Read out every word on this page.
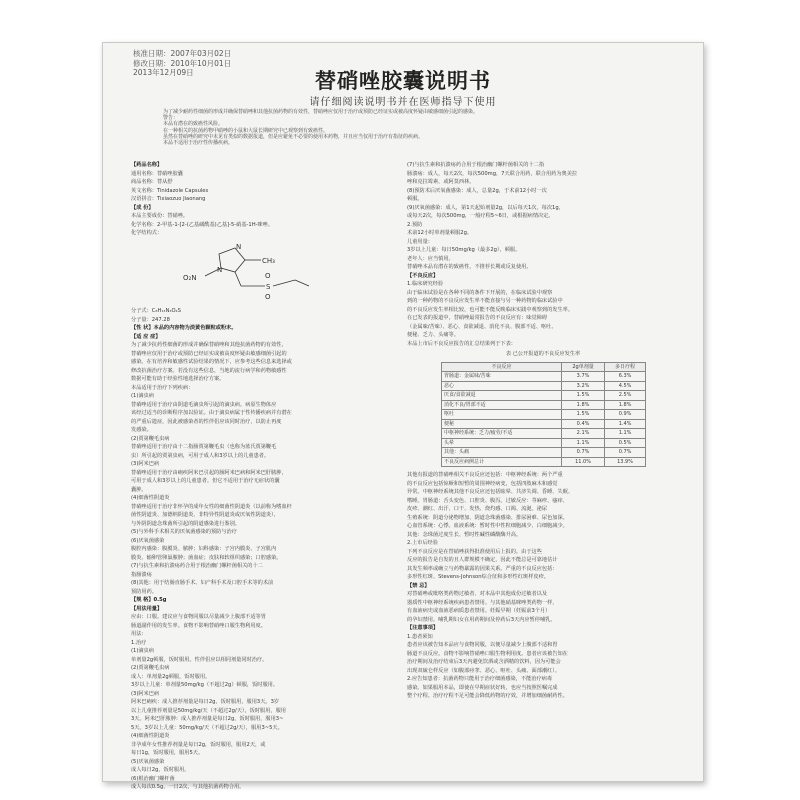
核准日期：2007年03月02日
修改日期：2010年10月01日
2013年12月09日	替硝唑胶囊说明书
请仔细阅读说明书并在医师指导下使用
为了减少耐药性细菌的形成并确保替硝唑和其他抗菌药物的有效性，替硝唑应仅用于治疗或预防已经证实或被高度怀疑由敏感细菌引起的感染。
警告：
本品有潜在的致癌性风险。
在一种相关的抗菌药物甲硝唑的小鼠和大鼠长期研究中已观察到有致癌性。
虽然在替硝唑的研究中未见有类似的数据报道，但是应避免不必要的使用本药物，并且应当仅用于治疗有指征的疾病。
本品不适用于治疗性传播疾病。

【药品名称】

通用名称：替硝唑胶囊

商品名称：替从舒

英文名称：Tinidazole Capsules

汉语拼音：Tixiaozuo Jiaonang

【成 份】

本品主要成份：替硝唑。

化学名称：2-甲基-1-[2-(乙基磺酰基)乙基]-5-硝基-1H-咪唑。

化学结构式：

N
N
CH₃
O₂N
S
O
O

分子式：C₈H₁₃N₃O₄S

分子量：247.28

【性 状】本品的内容物为淡黄色颗粒或粉末。

【适 应 症】

为了减少抗药性细菌的形成并确保替硝唑和其他抗菌药物的有效性，

替硝唑应仅用于治疗或预防已经证实或被高度怀疑由敏感细菌引起的

感染。在有培养和敏感性试验结果的情况下，应参考这些信息来选择或

修改抗菌治疗方案。若没有这些信息，当地的流行病学和药物敏感性

数据可能有助于经验性地选择治疗方案。

本品适用于治疗下列疾病：

(1)滴虫病

替硝唑适用于治疗由阴道毛滴虫所引起的滴虫病。病原生物体应

该经过适当的诊断程序加以验证。由于滴虫病属于性传播疾病并有潜在

的严重后遗症，因此被感染者的性伴侣应该同时治疗，以防止再度

发感染。

(2)贾第鞭毛虫病

替硝唑适用于治疗由十二指肠贾第鞭毛虫（也称为蓝氏贾第鞭毛

虫）所引起的贾第虫病，可用于成人和3岁以上的儿童患者。

(3)阿米巴病

替硝唑适用于治疗由痢疾阿米巴引起的肠阿米巴病和阿米巴肝脓肿，

可用于成人和3岁以上的儿童患者。但它不适用于治疗无症状的囊

囊肿。

(4)细菌性阴道炎

替硝唑适用于治疗非怀孕的成年女性的细菌性阴道炎（以前称为嗜血杆

菌性阴道炎、加德纳阴道炎、非特异性阴道炎或厌氧性阴道炎），

与外阴阴道念珠菌所引起的阴道感染进行鉴别。

(5)与外科手术相关的厌氧菌感染的预防与治疗

(6)厌氧菌感染

腹腔内感染：腹膜炎、脓肿；妇科感染：子宫内膜炎、子宫肌内

膜炎、输卵管卵巢脓肿；菌血症；皮肤和软组织感染；口腔感染。

(7)与抗生素和抗溃疡药合用于根治幽门螺杆菌相关的十二

指肠溃疡

(8)其他：用于结肠直肠手术、妇产科手术及口腔手术等的术前

预防用药。

【规 格】0.5g

【用法用量】

应由：口服。建议应与食物同服以尽量减少上腹部不适等胃

肠道副作用的发生率。食物不影响替硝唑口服生物利用度。

用法：

1.治疗

(1)滴虫病

单剂量2g顿服，饭时服用。性伴侣应以相同剂量同时治疗。

(2)贾第鞭毛虫病

成人：单剂量2g顿服，饭时服用。

3岁以上儿童：单剂量50mg/kg（不超过2g）顿服，饭时服用。

(3)阿米巴病

阿米巴痢疾：成人推荐剂量是每日2g，饭时服用，服用3天。3岁

以上儿童推荐剂量是50mg/kg/天（不超过2g/天），饭时服用，服用

3天。阿米巴肝脓肿：成人推荐剂量是每日2g，饭时服用，服用3~

5天。3岁以上儿童：50mg/kg/天（不超过2g/天），服用3~5天。

(4)细菌性阴道炎

非孕成年女性推荐剂量是每日2g，饭时服用，服用2天，或

每日1g，饭时服用，服用5天。

(5)厌氧菌感染

成人每日2g，饭时服用。

(6)根治幽门螺杆菌

成人每次0.5g，一日2次，与其他抗菌药物合用。

(7)与抗生素和抗溃疡药合用于根治幽门螺杆菌相关的十二指

肠溃疡：成人，每天2次，每次500mg，7天联合用药，联合用药为奥美拉

唑和克拉霉素，或阿莫西林。

(8)预防术后厌氧菌感染：成人，总量2g，于术前12小时一次

顿服。

(9)厌氧菌感染：成人，第1天起始剂量2g，以后每天1次，每次1g，

或每天2次，每次500mg，一般疗程5~6日，或根据病情决定。

2.预防

术前12小时单剂量顿服2g。

儿童用量：

3岁以上儿童：每日50mg/kg（最多2g），顿服。

老年人：应当慎用。

替硝唑本品有潜在的致癌性，不推荐长期或反复使用。

【不良反应】

1.临床研究经验

由于临床试验是在各种不同的条件下开展的，在临床试验中观察

到的一种药物的不良反应发生率不能直接与另一种药物的临床试验中

的不良反应发生率相比较，也可能不能反映临床实践中观察到的发生率。

在已发表的报道中，替硝唑最常报告的不良反应有：味觉障碍

（金属味/苦味）、恶心、食欲减退、消化不良、腹部不适、呕吐、

便秘、乏力、头痛等。

本品上市后不良反应报告的汇总结果列于下表：

表 已公开报道的不良反应发生率

不良反应	2g单剂量	多日疗程
胃肠道：金属味/苦味	3.7%	6.3%
恶心	3.2%	4.5%
厌食/食欲减退	1.5%	2.5%
消化不良/胃部不适	1.8%	1.8%
呕吐	1.5%	0.9%
便秘	0.4%	1.4%
中枢神经系统：乏力/疲劳/不适	2.1%	1.1%
头晕	1.1%	0.5%
其他：头痛	0.7%	0.7%
不良反应病例总计	11.0%	13.9%

其他有报道的替硝唑相关不良反应还包括：中枢神经系统：两个严重

的不良反应包括惊厥和短暂的周围神经病变，包括四肢麻木和感觉

异常。中枢神经系统其他不良反应还包括眩晕、共济失调、昏睡、失眠、

嗜睡。胃肠道：舌头变色、口腔炎、腹泻。过敏反应：荨麻疹、瘙痒、

皮疹、潮红、出汗、口干、发热、烧灼感、口渴、流涎。泌尿

生殖系统：阴道分泌物增加、阴道念珠菌感染、排尿困难、尿色加深。

心血管系统：心悸。血液系统：暂时性中性粒细胞减少、白细胞减少。

其他：念珠菌过度生长、暂时性碱性磷酸酶升高。

2.上市后经验

下列不良反应是在替硝唑获得批准使用后上报的。由于这些

反应的报告是自发的且人群规模不确定，因此不能总是可靠地估计

其发生频率或确立与药物暴露的因果关系。严重的不良反应包括：

多形性红斑、Stevens-Johnson综合征和多形性红斑样皮疹。

【禁 忌】

对替硝唑或吡咯类药物过敏者、对本品中其他成份过敏者以及

器质性中枢神经系统疾病患者禁用。与其他硝基咪唑类药物一样，

有血液病史或血液恶病质患者禁用。妊娠早期（妊娠前3个月）

的孕妇禁用。哺乳期妇女在用药期间及停药后3天内应暂停哺乳。

【注意事项】

1.患者须知

患者应该被告知本品应与食物同服，以便尽量减少上腹部不适和胃

肠道不良反应。食物不影响替硝唑口服生物利用度。患者应该被告知在

治疗期间及治疗结束后3天内避免饮酒或含酒精的饮料，因为可能会

出现双硫仑样反应（如腹部痉挛、恶心、呕吐、头痛、面部潮红）。

2.应告知患者：抗菌药物只能用于治疗细菌感染，不能治疗病毒

感染。如果服用本品，即使在早期症状好转，也应当按照医嘱完成

整个疗程。治疗疗程不足可能会降低药物的疗效，并增加细菌耐药性。
